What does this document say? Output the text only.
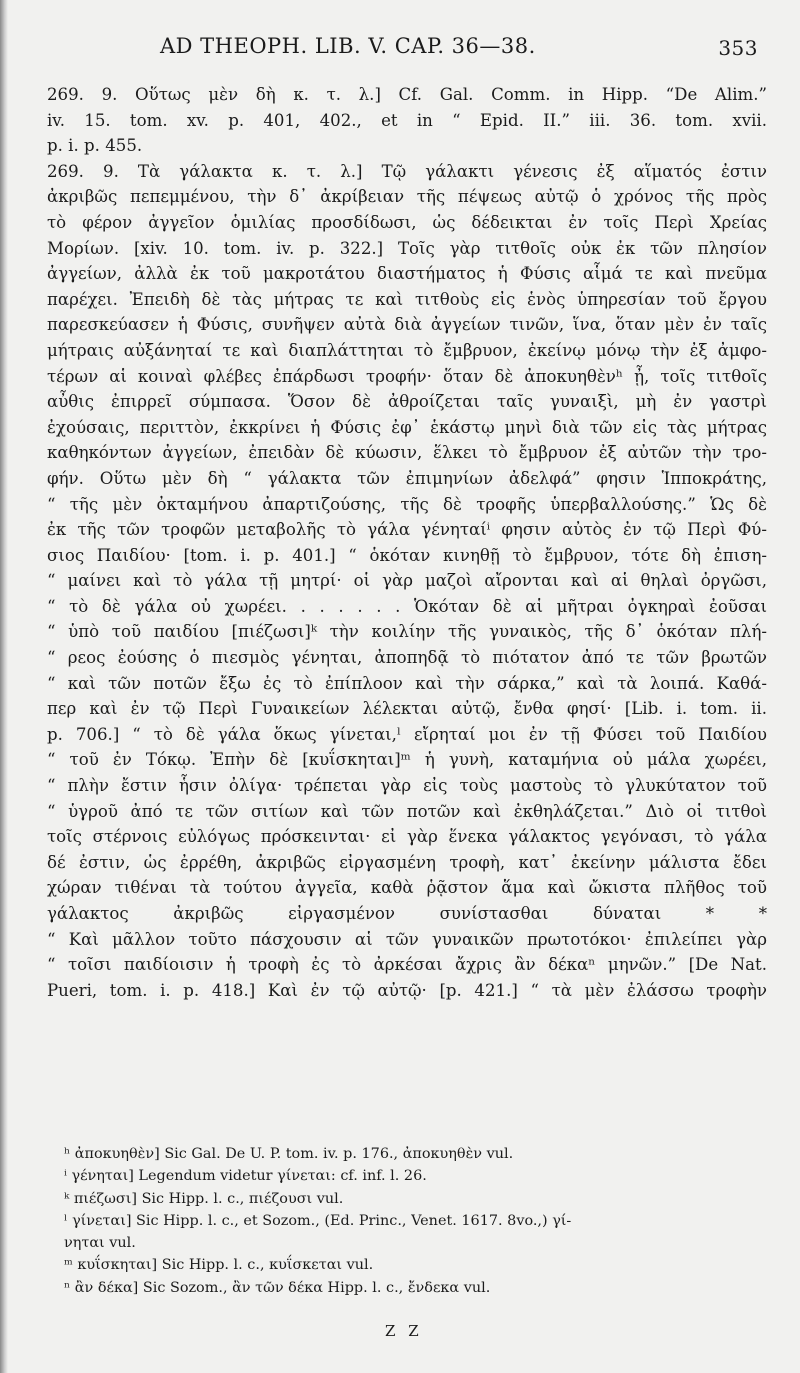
AD THEOPH. LIB. V. CAP. 36—38.	353
269. 9. Οὕτως μὲν δὴ κ. τ. λ.] Cf. Gal. Comm. in Hipp. “De Alim.”
iv. 15. tom. xv. p. 401, 402., et in “ Epid. II.” iii. 36. tom. xvii.
p. i. p. 455.
269. 9. Τὰ γάλακτα κ. τ. λ.] Τῷ γάλακτι γένεσις ἐξ αἵματός ἐστιν
ἀκριβῶς πεπεμμένου, τὴν δ᾽ ἀκρίβειαν τῆς πέψεως αὐτῷ ὁ χρόνος τῆς πρὸς
τὸ φέρον ἀγγεῖον ὁμιλίας προσδίδωσι, ὡς δέδεικται ἐν τοῖς Περὶ Χρείας
Μορίων. [xiv. 10. tom. iv. p. 322.] Τοῖς γὰρ τιτθοῖς οὐκ ἐκ τῶν πλησίον
ἀγγείων, ἀλλὰ ἐκ τοῦ μακροτάτου διαστήματος ἡ Φύσις αἷμά τε καὶ πνεῦμα
παρέχει. Ἐπειδὴ δὲ τὰς μήτρας τε καὶ τιτθοὺς εἰς ἑνὸς ὑπηρεσίαν τοῦ ἔργου
παρεσκεύασεν ἡ Φύσις, συνῆψεν αὐτὰ διὰ ἀγγείων τινῶν, ἵνα, ὅταν μὲν ἐν ταῖς
μήτραις αὐξάνηταί τε καὶ διαπλάττηται τὸ ἔμβρυον, ἐκείνῳ μόνῳ τὴν ἐξ ἀμφο-
τέρων αἱ κοιναὶ φλέβες ἐπάρδωσι τροφήν· ὅταν δὲ ἀποκυηθὲνʰ ᾖ, τοῖς τιτθοῖς
αὖθις ἐπιρρεῖ σύμπασα. Ὅσον δὲ ἀθροίζεται ταῖς γυναιξὶ, μὴ ἐν γαστρὶ
ἐχούσαις, περιττὸν, ἐκκρίνει ἡ Φύσις ἐφ᾽ ἑκάστῳ μηνὶ διὰ τῶν εἰς τὰς μήτρας
καθηκόντων ἀγγείων, ἐπειδὰν δὲ κύωσιν, ἕλκει τὸ ἔμβρυον ἐξ αὐτῶν τὴν τρο-
φήν. Οὕτω μὲν δὴ “ γάλακτα τῶν ἐπιμηνίων ἀδελφά” φησιν Ἱπποκράτης,
“ τῆς μὲν ὀκταμήνου ἀπαρτιζούσης, τῆς δὲ τροφῆς ὑπερβαλλούσης.” Ὡς δὲ
ἐκ τῆς τῶν τροφῶν μεταβολῆς τὸ γάλα γένηταίⁱ φησιν αὐτὸς ἐν τῷ Περὶ Φύ-
σιος Παιδίου· [tom. i. p. 401.] “ ὁκόταν κινηθῇ τὸ ἔμβρυον, τότε δὴ ἐπιση-
“ μαίνει καὶ τὸ γάλα τῇ μητρί· οἱ γὰρ μαζοὶ αἴρονται καὶ αἱ θηλαὶ ὀργῶσι,
“ τὸ δὲ γάλα οὐ χωρέει. . . . . . . Ὁκόταν δὲ αἱ μῆτραι ὀγκηραὶ ἐοῦσαι
“ ὑπὸ τοῦ παιδίου [πιέζωσι]ᵏ τὴν κοιλίην τῆς γυναικὸς, τῆς δ᾽ ὁκόταν πλή-
“ ρεος ἐούσης ὁ πιεσμὸς γένηται, ἀποπηδᾷ τὸ πιότατον ἀπό τε τῶν βρωτῶν
“ καὶ τῶν ποτῶν ἔξω ἐς τὸ ἐπίπλοον καὶ τὴν σάρκα,” καὶ τὰ λοιπά. Καθά-
περ καὶ ἐν τῷ Περὶ Γυναικείων λέλεκται αὐτῷ, ἔνθα φησί· [Lib. i. tom. ii.
p. 706.] “ τὸ δὲ γάλα ὅκως γίνεται,ˡ εἴρηταί μοι ἐν τῇ Φύσει τοῦ Παιδίου
“ τοῦ ἐν Τόκῳ. Ἐπὴν δὲ [κυΐσκηται]ᵐ ἡ γυνὴ, καταμήνια οὐ μάλα χωρέει,
“ πλὴν ἔστιν ἧσιν ὀλίγα· τρέπεται γὰρ εἰς τοὺς μαστοὺς τὸ γλυκύτατον τοῦ
“ ὑγροῦ ἀπό τε τῶν σιτίων καὶ τῶν ποτῶν καὶ ἐκθηλάζεται.” Διὸ οἱ τιτθοὶ
τοῖς στέρνοις εὐλόγως πρόσκεινται· εἰ γὰρ ἕνεκα γάλακτος γεγόνασι, τὸ γάλα
δέ ἐστιν, ὡς ἐρρέθη, ἀκριβῶς εἰργασμένη τροφὴ, κατ᾽ ἐκείνην μάλιστα ἔδει
χώραν τιθέναι τὰ τούτου ἀγγεῖα, καθὰ ῥᾷστον ἅμα καὶ ὤκιστα πλῆθος τοῦ
γάλακτος ἀκριβῶς εἰργασμένον συνίστασθαι δύναται * *
“ Καὶ μᾶλλον τοῦτο πάσχουσιν αἱ τῶν γυναικῶν πρωτοτόκοι· ἐπιλείπει γὰρ
“ τοῖσι παιδίοισιν ἡ τροφὴ ἐς τὸ ἀρκέσαι ἄχρις ἂν δέκαⁿ μηνῶν.” [De Nat.
Pueri, tom. i. p. 418.] Καὶ ἐν τῷ αὐτῷ· [p. 421.] “ τὰ μὲν ἐλάσσω τροφὴν
ʰ ἀποκυηθὲν] Sic Gal. De U. P. tom. iv. p. 176., ἀποκυηθὲν vul.
ⁱ γένηται] Legendum videtur γίνεται: cf. inf. l. 26.
ᵏ πιέζωσι] Sic Hipp. l. c., πιέζουσι vul.
ˡ γίνεται] Sic Hipp. l. c., et Sozom., (Ed. Princ., Venet. 1617. 8vo.,) γί-
νηται vul.
ᵐ κυΐσκηται] Sic Hipp. l. c., κυΐσκεται vul.
ⁿ ἂν δέκα] Sic Sozom., ἂν τῶν δέκα Hipp. l. c., ἔνδεκα vul.
Z Z
